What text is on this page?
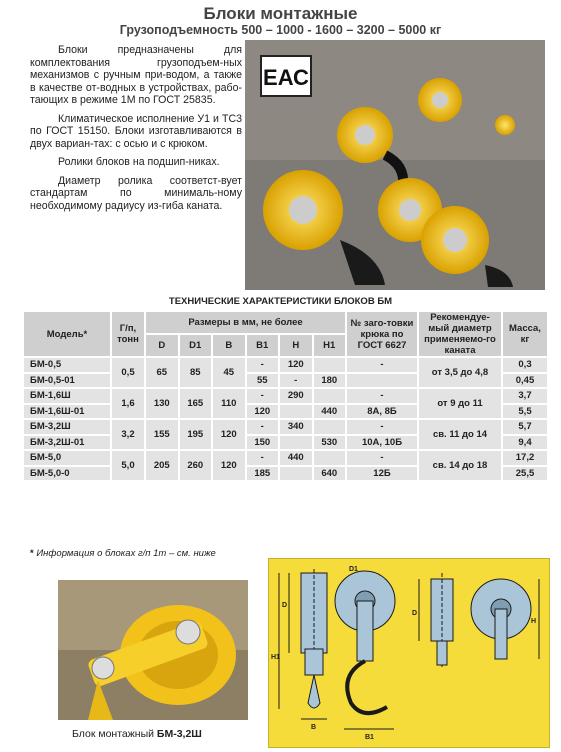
Блоки монтажные
Грузоподъемность 500 – 1000 - 1600 – 3200 – 5000 кг

Блоки предназначены для комплектования грузоподъем-ных механизмов с ручным при-водом, а также в качестве от-водных в устройствах, рабо-тающих в режиме 1М по ГОСТ 25835.

Климатическое исполнение У1 и ТС3 по ГОСТ 15150. Блоки изготавливаются в двух вариан-тах: с осью и с крюком.

Ролики блоков на подшип-никах.

Диаметр ролика соответст-вует стандартам по минималь-ному необходимому радиусу из-гиба каната.

ЕАС
ТЕХНИЧЕСКИЕ ХАРАКТЕРИСТИКИ БЛОКОВ БМ
Модель*	Г/п, тонн	Размеры в мм, не более						№ заго-товки крюка по ГОСТ 6627	Рекомендуе-мый диаметр применяемо-го каната	Масса, кг
		D	D1	B	B1	H	H1			
БМ-0,5	0,5	65	85	45	-	120		-	от 3,5 до 4,8	0,3
БМ-0,5-01					55	-	180			0,45
БМ-1,6Ш	1,6	130	165	110	-	290		-	от 9 до 11	3,7
БМ-1,6Ш-01					120		440	8А, 8Б		5,5
БМ-3,2Ш	3,2	155	195	120	-	340		-	св. 11 до 14	5,7
БМ-3,2Ш-01					150		530	10А, 10Б		9,4
БМ-5,0	5,0	205	260	120	-	440		-	св. 14 до 18	17,2
БМ-5,0-0					185		640	12Б		25,5
* Информация о блоках г/п 1т – см. ниже
Блок монтажный БМ-3,2Ш
D
D1
H1
B
B1
D
H
